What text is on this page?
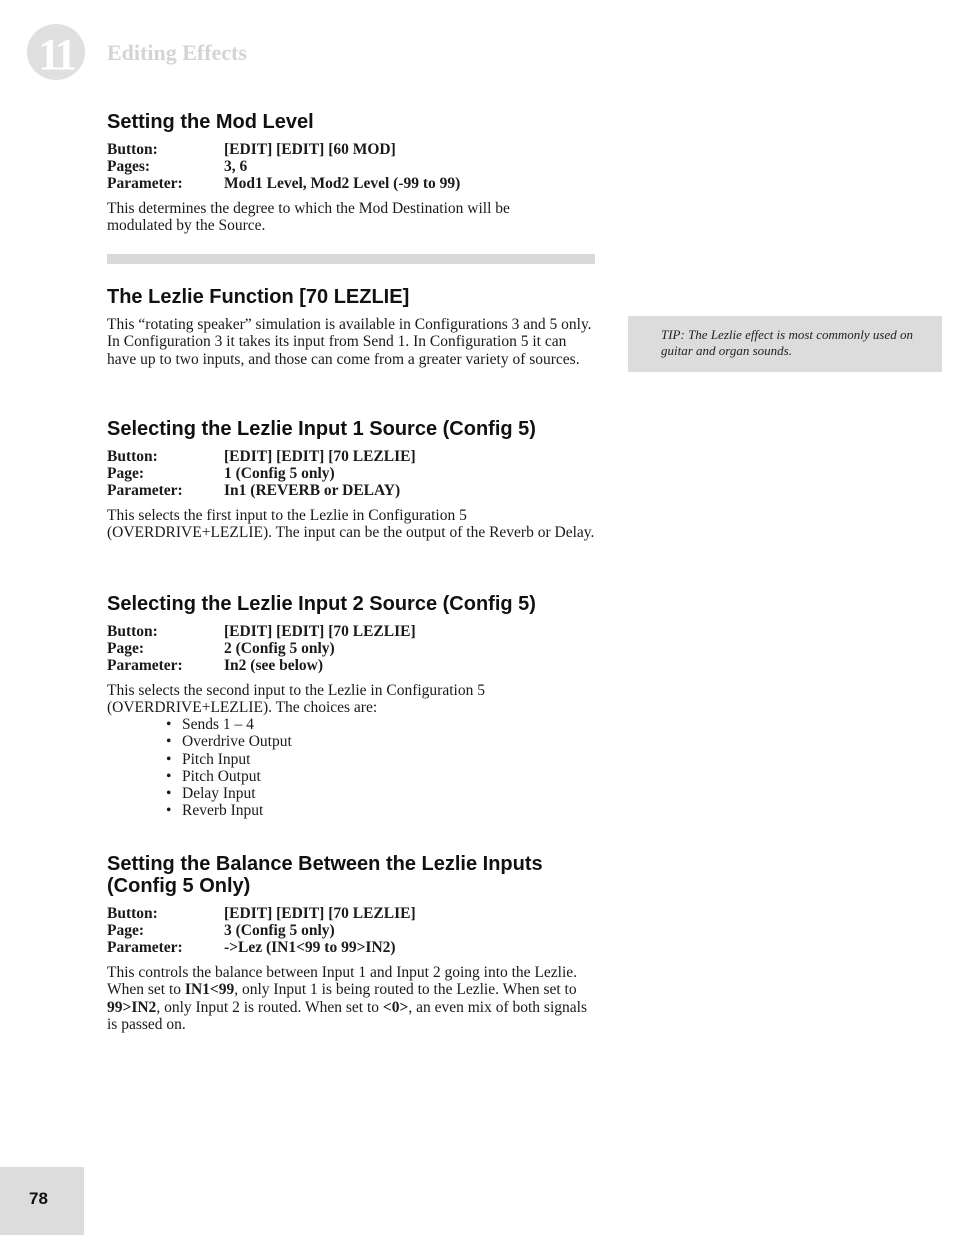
11	Editing Effects
Setting the Mod Level
Button:	[EDIT] [EDIT] [60 MOD]
Pages:	3, 6
Parameter:	Mod1 Level, Mod2 Level (-99 to 99)

This determines the degree to which the Mod Destination will be modulated by the Source.

The Lezlie Function [70 LEZLIE]

This “rotating speaker” simulation is available in Configurations 3 and 5 only. In Configuration 3 it takes its input from Send 1. In Configuration 5 it can have up to two inputs, and those can come from a greater variety of sources.

TIP: The Lezlie effect is most commonly used on guitar and organ sounds.

Selecting the Lezlie Input 1 Source (Config 5)
Button:	[EDIT] [EDIT] [70 LEZLIE]
Page:	1 (Config 5 only)
Parameter:	In1 (REVERB or DELAY)

This selects the first input to the Lezlie in Configuration 5 (OVERDRIVE+LEZLIE). The input can be the output of the Reverb or Delay.

Selecting the Lezlie Input 2 Source (Config 5)
Button:	[EDIT] [EDIT] [70 LEZLIE]
Page:	2 (Config 5 only)
Parameter:	In2 (see below)

This selects the second input to the Lezlie in Configuration 5 (OVERDRIVE+LEZLIE). The choices are:

• Sends 1 – 4
• Overdrive Output
• Pitch Input
• Pitch Output
• Delay Input
• Reverb Input
Setting the Balance Between the Lezlie Inputs
(Config 5 Only)
Button:	[EDIT] [EDIT] [70 LEZLIE]
Page:	3 (Config 5 only)
Parameter:	->Lez (IN1<99 to 99>IN2)

This controls the balance between Input 1 and Input 2 going into the Lezlie. When set to IN1<99, only Input 1 is being routed to the Lezlie. When set to 99>IN2, only Input 2 is routed. When set to <0>, an even mix of both signals is passed on.

78
